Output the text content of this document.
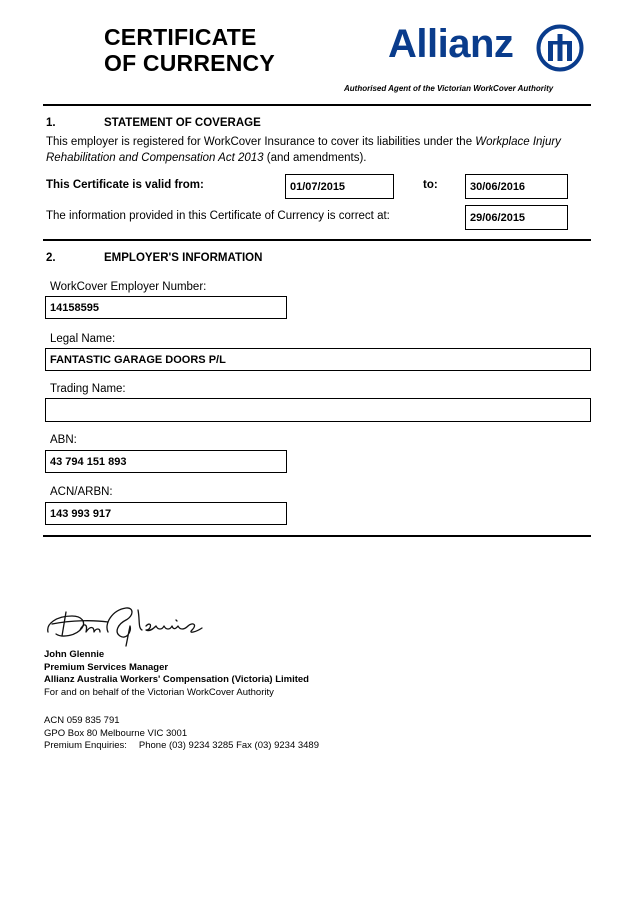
CERTIFICATE
OF CURRENCY	Allianz
Authorised Agent of the Victorian WorkCover Authority
1.	STATEMENT OF COVERAGE
This employer is registered for WorkCover Insurance to cover its liabilities under the Workplace Injury Rehabilitation and Compensation Act 2013 (and amendments).
This Certificate is valid from:	01/07/2015	to:	30/06/2016
The information provided in this Certificate of Currency is correct at:	29/06/2015
2.	EMPLOYER'S INFORMATION
WorkCover Employer Number:
14158595
Legal Name:
FANTASTIC GARAGE DOORS P/L
Trading Name:
ABN:
43 794 151 893
ACN/ARBN:
143 993 917
John Glennie
Premium Services Manager
Allianz Australia Workers' Compensation (Victoria) Limited
For and on behalf of the Victorian WorkCover Authority
ACN 059 835 791
GPO Box 80 Melbourne VIC 3001
Premium Enquiries: Phone (03) 9234 3285 Fax (03) 9234 3489
